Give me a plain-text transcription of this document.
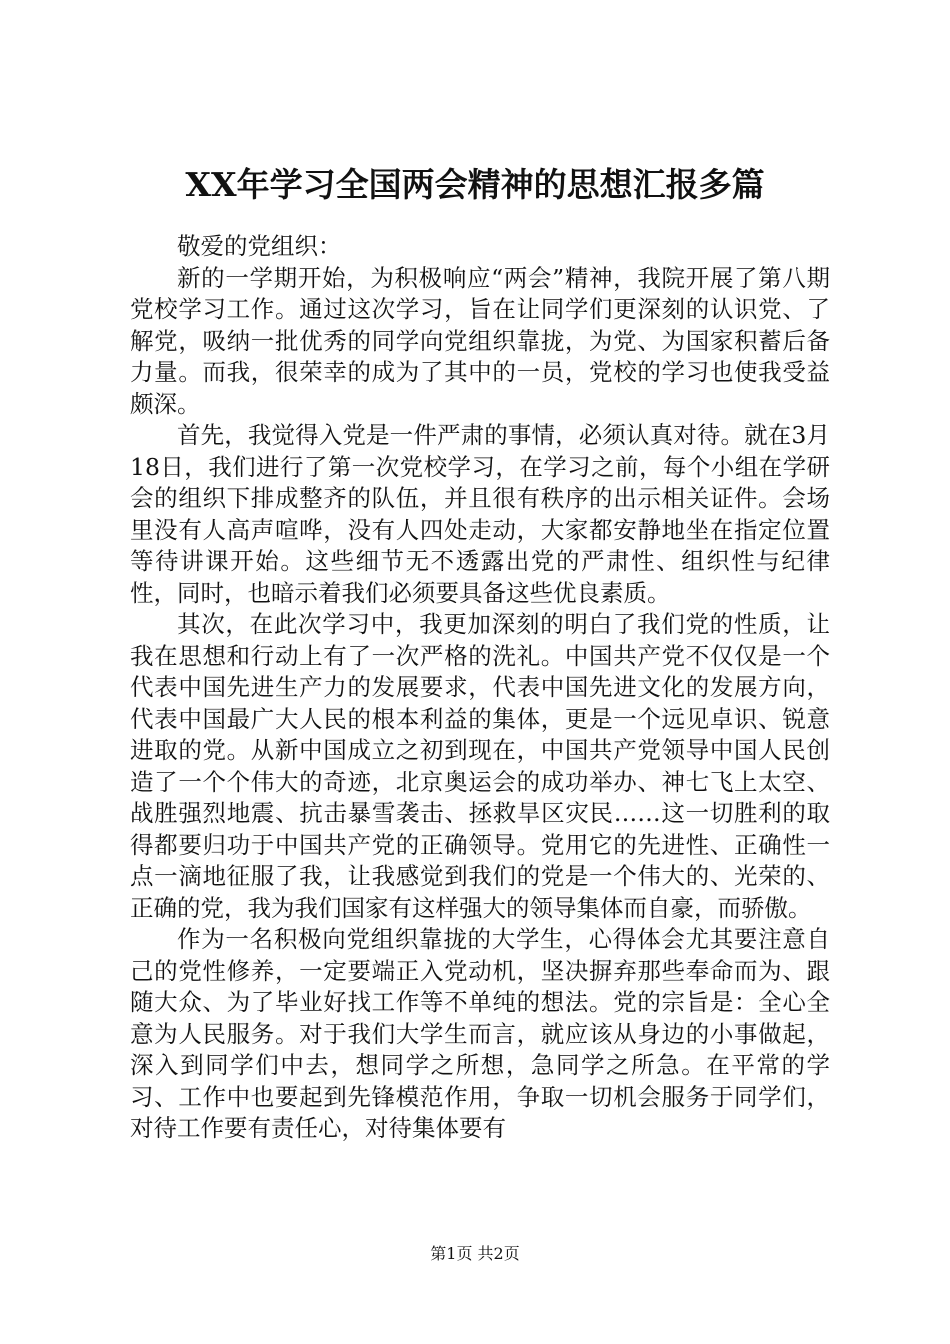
XX年学习全国两会精神的思想汇报多篇

敬爱的党组织：

新的一学期开始，为积极响应“两会”精神，我院开展了第八期党校学习工作。通过这次学习，旨在让同学们更深刻的认识党、了解党，吸纳一批优秀的同学向党组织靠拢，为党、为国家积蓄后备力量。而我，很荣幸的成为了其中的一员，党校的学习也使我受益颇深。

首先，我觉得入党是一件严肃的事情，必须认真对待。就在3月18日，我们进行了第一次党校学习，在学习之前，每个小组在学研会的组织下排成整齐的队伍，并且很有秩序的出示相关证件。会场里没有人高声喧哗，没有人四处走动，大家都安静地坐在指定位置等待讲课开始。这些细节无不透露出党的严肃性、组织性与纪律性，同时，也暗示着我们必须要具备这些优良素质。

其次，在此次学习中，我更加深刻的明白了我们党的性质，让我在思想和行动上有了一次严格的洗礼。中国共产党不仅仅是一个代表中国先进生产力的发展要求，代表中国先进文化的发展方向，代表中国最广大人民的根本利益的集体，更是一个远见卓识、锐意进取的党。从新中国成立之初到现在，中国共产党领导中国人民创造了一个个伟大的奇迹，北京奥运会的成功举办、神七飞上太空、战胜强烈地震、抗击暴雪袭击、拯救旱区灾民……这一切胜利的取得都要归功于中国共产党的正确领导。党用它的先进性、正确性一点一滴地征服了我，让我感觉到我们的党是一个伟大的、光荣的、正确的党，我为我们国家有这样强大的领导集体而自豪，而骄傲。

作为一名积极向党组织靠拢的大学生，心得体会尤其要注意自己的党性修养，一定要端正入党动机，坚决摒弃那些奉命而为、跟随大众、为了毕业好找工作等不单纯的想法。党的宗旨是：全心全意为人民服务。对于我们大学生而言，就应该从身边的小事做起，深入到同学们中去，想同学之所想，急同学之所急。在平常的学习、工作中也要起到先锋模范作用，争取一切机会服务于同学们，对待工作要有责任心，对待集体要有

第1页 共2页
